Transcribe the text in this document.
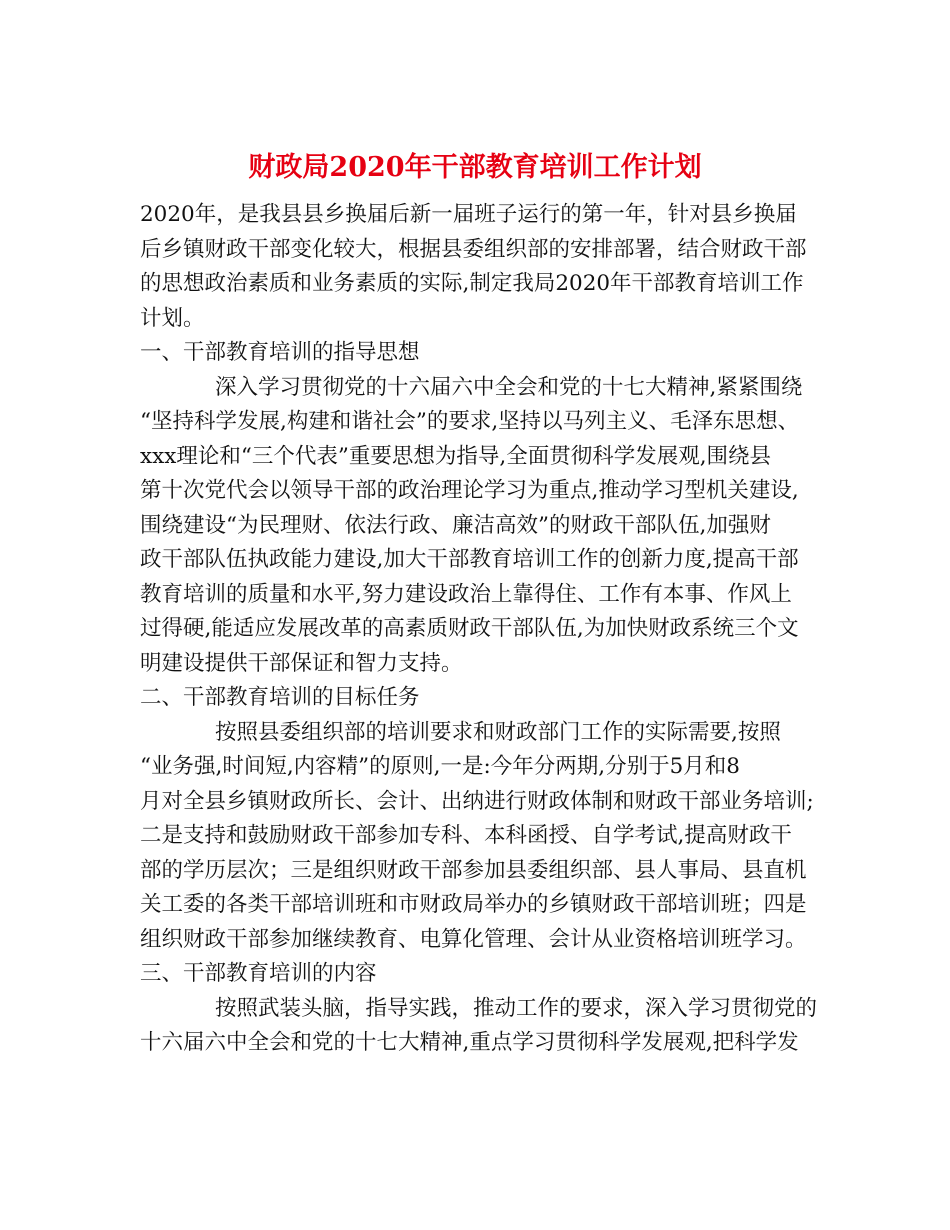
财政局2020年干部教育培训工作计划
2020年，是我县县乡换届后新一届班子运行的第一年，针对县乡换届
后乡镇财政干部变化较大，根据县委组织部的安排部署，结合财政干部
的思想政治素质和业务素质的实际,制定我局2020年干部教育培训工作
计划。
一、干部教育培训的指导思想
深入学习贯彻党的十六届六中全会和党的十七大精神,紧紧围绕
“坚持科学发展,构建和谐社会”的要求,坚持以马列主义、毛泽东思想、
xxx理论和“三个代表”重要思想为指导,全面贯彻科学发展观,围绕县
第十次党代会以领导干部的政治理论学习为重点,推动学习型机关建设,
围绕建设“为民理财、依法行政、廉洁高效”的财政干部队伍,加强财
政干部队伍执政能力建设,加大干部教育培训工作的创新力度,提高干部
教育培训的质量和水平,努力建设政治上靠得住、工作有本事、作风上
过得硬,能适应发展改革的高素质财政干部队伍,为加快财政系统三个文
明建设提供干部保证和智力支持。
二、干部教育培训的目标任务
按照县委组织部的培训要求和财政部门工作的实际需要,按照
“业务强,时间短,内容精”的原则,一是:今年分两期,分别于5月和8
月对全县乡镇财政所长、会计、出纳进行财政体制和财政干部业务培训;
二是支持和鼓励财政干部参加专科、本科函授、自学考试,提高财政干
部的学历层次；三是组织财政干部参加县委组织部、县人事局、县直机
关工委的各类干部培训班和市财政局举办的乡镇财政干部培训班；四是
组织财政干部参加继续教育、电算化管理、会计从业资格培训班学习。
三、干部教育培训的内容
按照武装头脑，指导实践，推动工作的要求，深入学习贯彻党的
十六届六中全会和党的十七大精神,重点学习贯彻科学发展观,把科学发
